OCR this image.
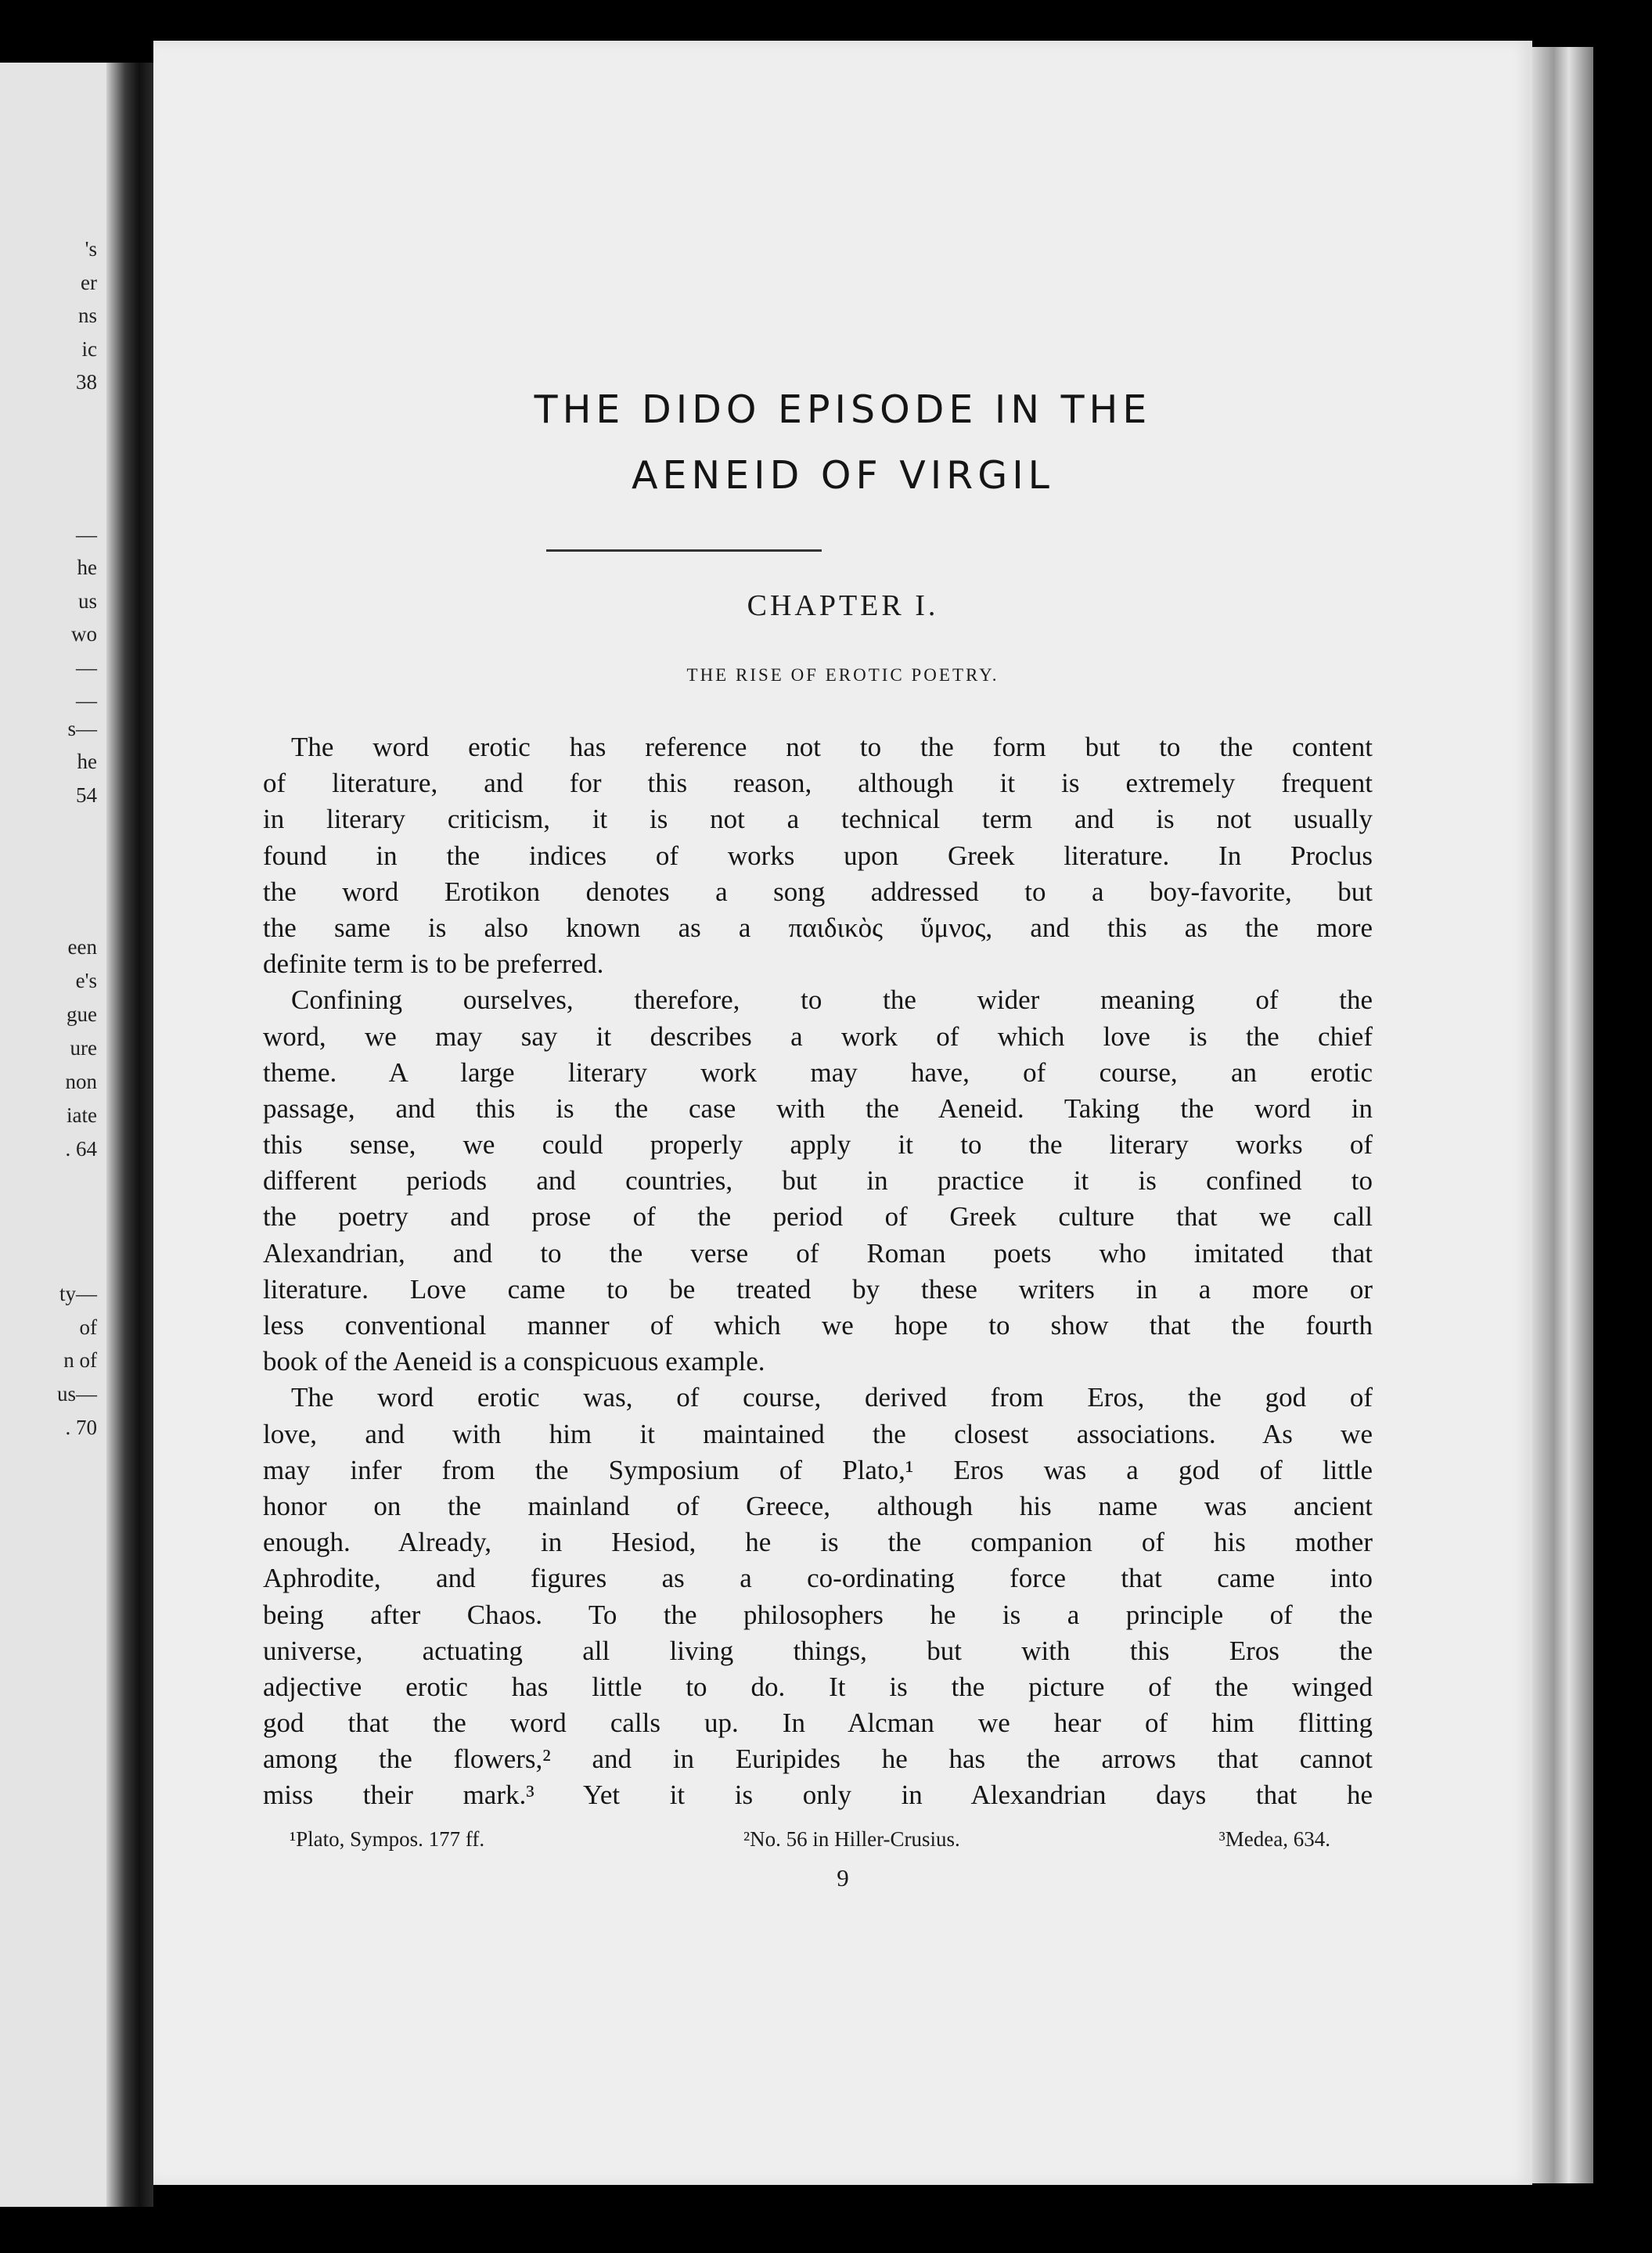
's
er
ns
ic
38
—
he
us
wo
—
—
s—
he
54
een
e's
gue
ure
non
iate
. 64
ty—
of
n of
us—
. 70
THE DIDO EPISODE IN THE
AENEID OF VIRGIL
CHAPTER I.
THE RISE OF EROTIC POETRY.
The word erotic has reference not to the form but to the content
of literature, and for this reason, although it is extremely frequent
in literary criticism, it is not a technical term and is not usually
found in the indices of works upon Greek literature. In Proclus
the word Erotikon denotes a song addressed to a boy-favorite, but
the same is also known as a παιδικὸς ὕμνος, and this as the more
definite term is to be preferred.
Confining ourselves, therefore, to the wider meaning of the
word, we may say it describes a work of which love is the chief
theme. A large literary work may have, of course, an erotic
passage, and this is the case with the Aeneid. Taking the word in
this sense, we could properly apply it to the literary works of
different periods and countries, but in practice it is confined to
the poetry and prose of the period of Greek culture that we call
Alexandrian, and to the verse of Roman poets who imitated that
literature. Love came to be treated by these writers in a more or
less conventional manner of which we hope to show that the fourth
book of the Aeneid is a conspicuous example.
The word erotic was, of course, derived from Eros, the god of
love, and with him it maintained the closest associations. As we
may infer from the Symposium of Plato,¹ Eros was a god of little
honor on the mainland of Greece, although his name was ancient
enough. Already, in Hesiod, he is the companion of his mother
Aphrodite, and figures as a co-ordinating force that came into
being after Chaos. To the philosophers he is a principle of the
universe, actuating all living things, but with this Eros the
adjective erotic has little to do. It is the picture of the winged
god that the word calls up. In Alcman we hear of him flitting
among the flowers,² and in Euripides he has the arrows that cannot
miss their mark.³ Yet it is only in Alexandrian days that he
¹Plato, Sympos. 177 ff.	²No. 56 in Hiller-Crusius.	³Medea, 634.
9
